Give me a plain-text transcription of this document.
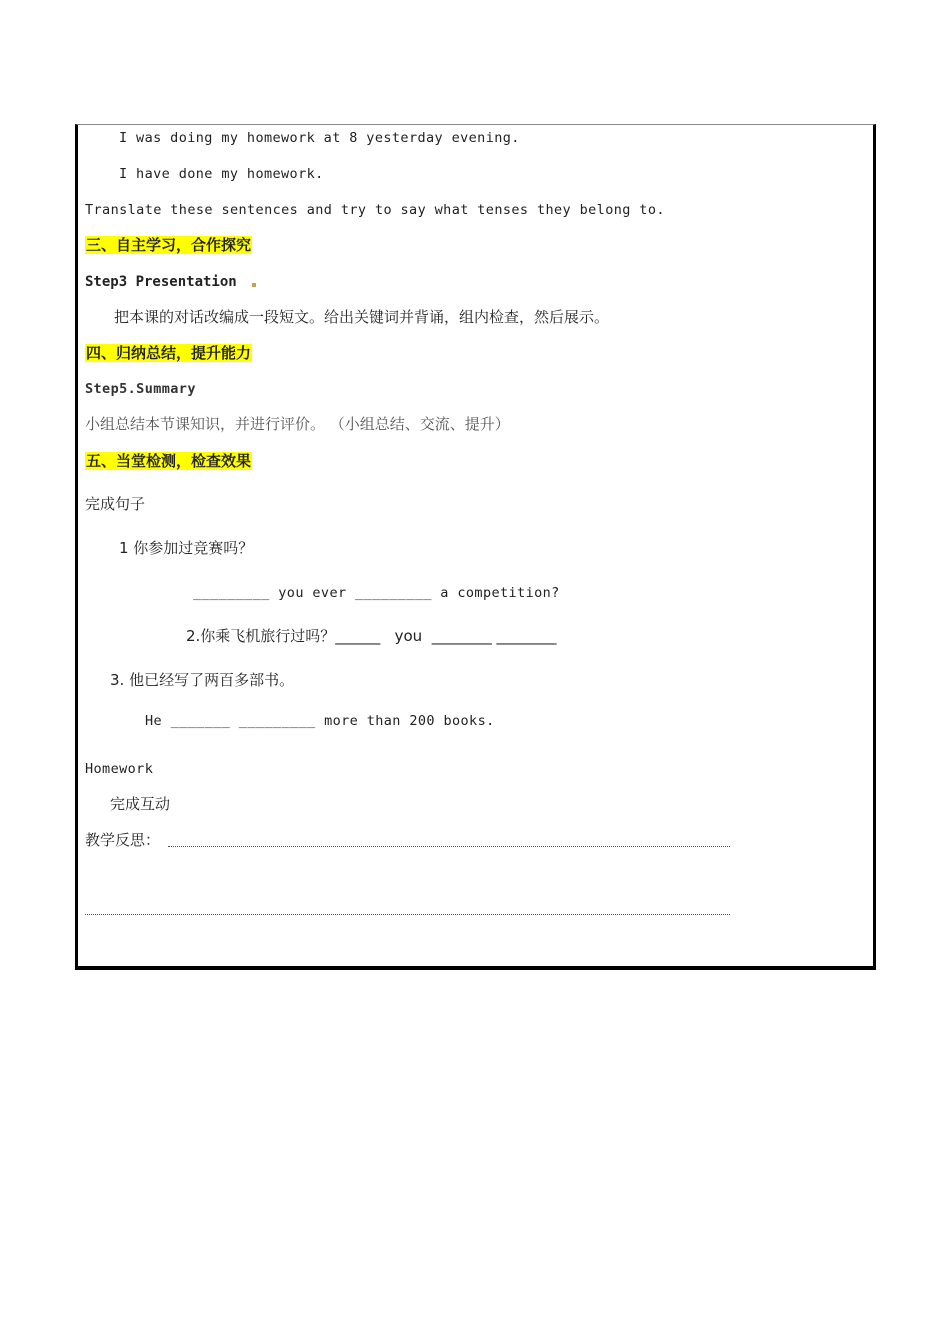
I was doing my homework at 8 yesterday evening.
I have done my homework.
Translate these sentences and try to say what tenses they belong to.
三、自主学习，合作探究
Step3 Presentation
把本课的对话改编成一段短文。给出关键词并背诵，组内检查，然后展示。
四、归纳总结，提升能力
Step5.Summary
小组总结本节课知识，并进行评价。 （小组总结、交流、提升）
五、当堂检测，检查效果
完成句子
1 你参加过竞赛吗？
_________ you ever _________ a competition?
2.你乘飞机旅行过吗？______   you  ________ ________
3. 他已经写了两百多部书。
He _______ _________ more than 200 books.
Homework
完成互动
教学反思：
